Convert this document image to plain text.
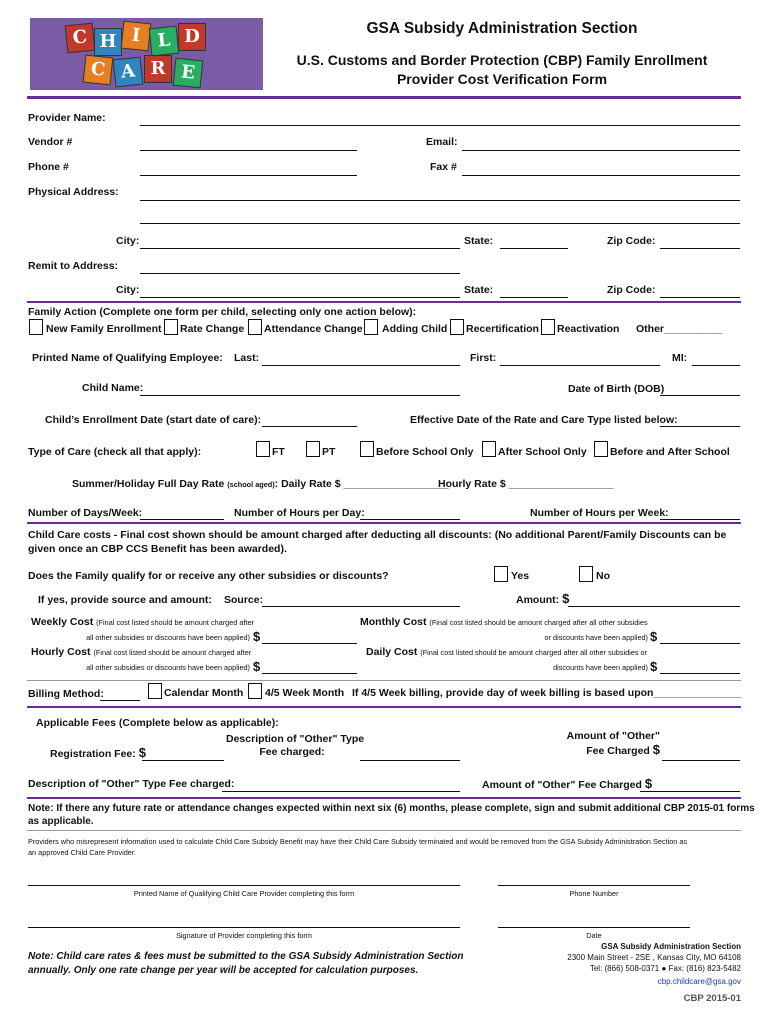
C H I L D
C A R E
GSA Subsidy Administration Section
U.S. Customs and Border Protection (CBP) Family Enrollment
Provider Cost Verification Form
Provider Name:
Vendor #	Email:
Phone #	Fax #
Physical Address:
City:	State:	Zip Code:
Remit to Address:
City:	State:	Zip Code:
Family Action (Complete one form per child, selecting only one action below):
New Family Enrollment Rate Change Attendance Change Adding Child Recertification Reactivation Other__________
Printed Name of Qualifying Employee: Last:	First:	MI:
Child Name:	Date of Birth (DOB)
Child’s Enrollment Date (start date of care):	Effective Date of the Rate and Care Type listed below:
Type of Care (check all that apply):	FT	PT	Before School Only After School Only Before and After School
Summer/Holiday Full Day Rate (school aged): Daily Rate $ __________________
Hourly Rate $ __________________
Number of Days/Week:	Number of Hours per Day:	Number of Hours per Week:
Child Care costs - Final cost shown should be amount charged after deducting all discounts: (No additional Parent/Family Discounts can be
given once an CBP CCS Benefit has been awarded).
Does the Family qualify for or receive any other subsidies or discounts?	Yes	No
If yes, provide source and amount: Source:	Amount: $
Weekly Cost (Final cost listed should be amount charged after
all other subsidies or discounts have been applied) $
Monthly Cost (Final cost listed should be amount charged after all other subsidies
or discounts have been applied) $
Hourly Cost (Final cost listed should be amount charged after
all other subsidies or discounts have been applied) $
Daily Cost (Final cost listed should be amount charged after all other subsidies or
discounts have been applied) $
Billing Method:	Calendar Month 4/5 Week Month If 4/5 Week billing, provide day of week billing is based upon_______________
Applicable Fees (Complete below as applicable):
Registration Fee: $
Description of "Other" Type
Fee charged:
Amount of "Other"
Fee Charged $
Description of "Other" Type Fee charged:	Amount of "Other" Fee Charged $
Note: If there any future rate or attendance changes expected within next six (6) months, please complete, sign and submit additional CBP 2015-01 forms
as applicable.
Providers who misrepresent information used to calculate Child Care Subsidy Benefit may have their Child Care Subsidy terminated and would be removed from the GSA Subsidy Administration Section as
an approved Child Care Provider.
Printed Name of Qualifying Child Care Provider completing this form	Phone Number
Signature of Provider completing this form	Date
Note: Child care rates & fees must be submitted to the GSA Subsidy Administration Section
annually. Only one rate change per year will be accepted for calculation purposes.
GSA Subsidy Administration Section
2300 Main Street - 2SE , Kansas City, MO 64108
Tel: (866) 508-0371 ● Fax: (816) 823-5482
cbp.childcare@gsa.gov
CBP 2015-01
